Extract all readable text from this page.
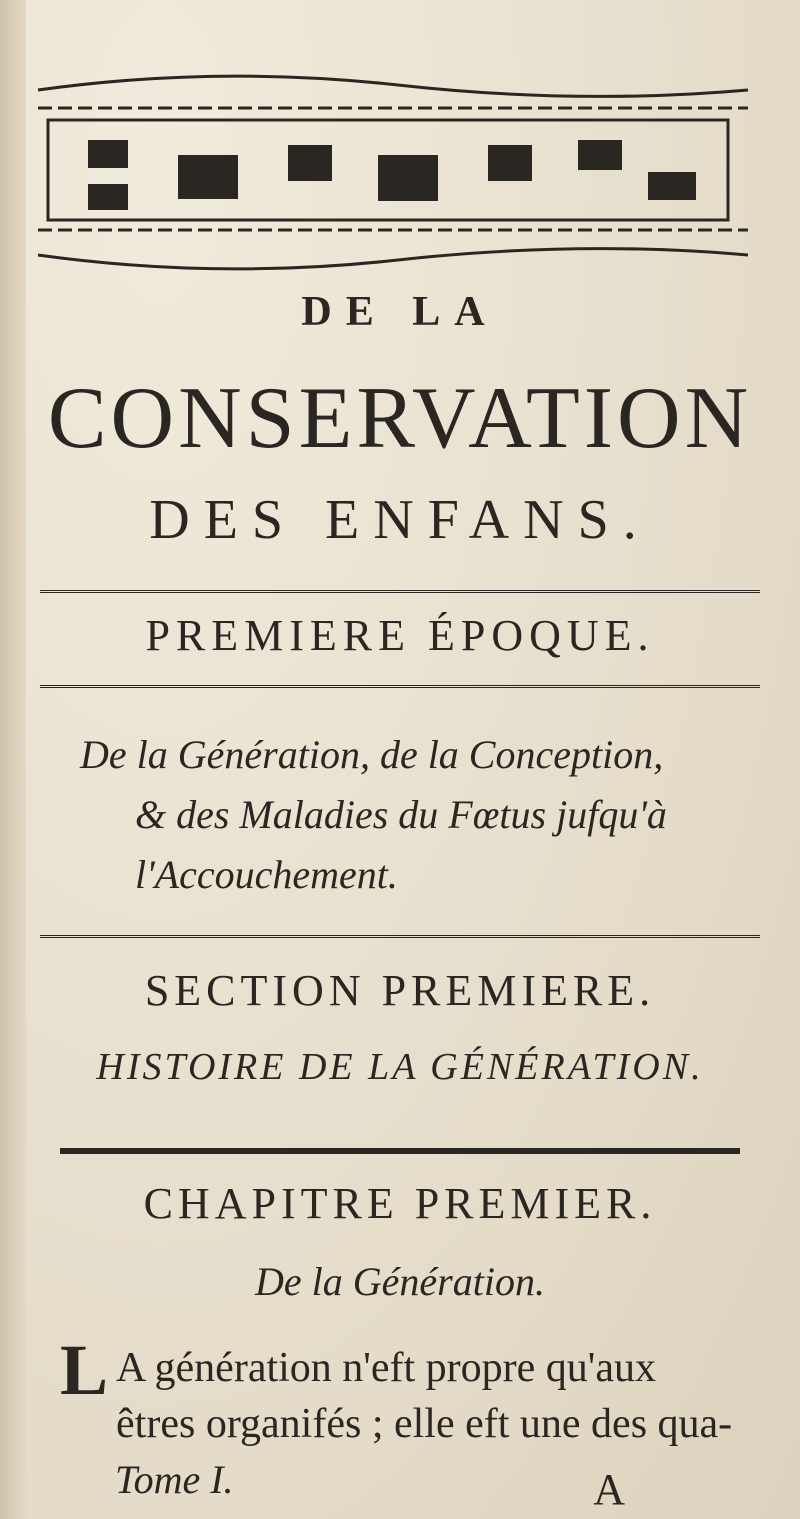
DE LA
CONSERVATION
DES ENFANS.
PREMIERE ÉPOQUE.
De la Génération, de la Conception,
& des Maladies du Fœtus jufqu'à
l'Accouchement.
SECTION PREMIERE.
HISTOIRE DE LA GÉNÉRATION.
CHAPITRE PREMIER.
De la Génération.
L A génération n'eft propre qu'aux
êtres organifés ; elle eft une des qua-
Tome I.	A
